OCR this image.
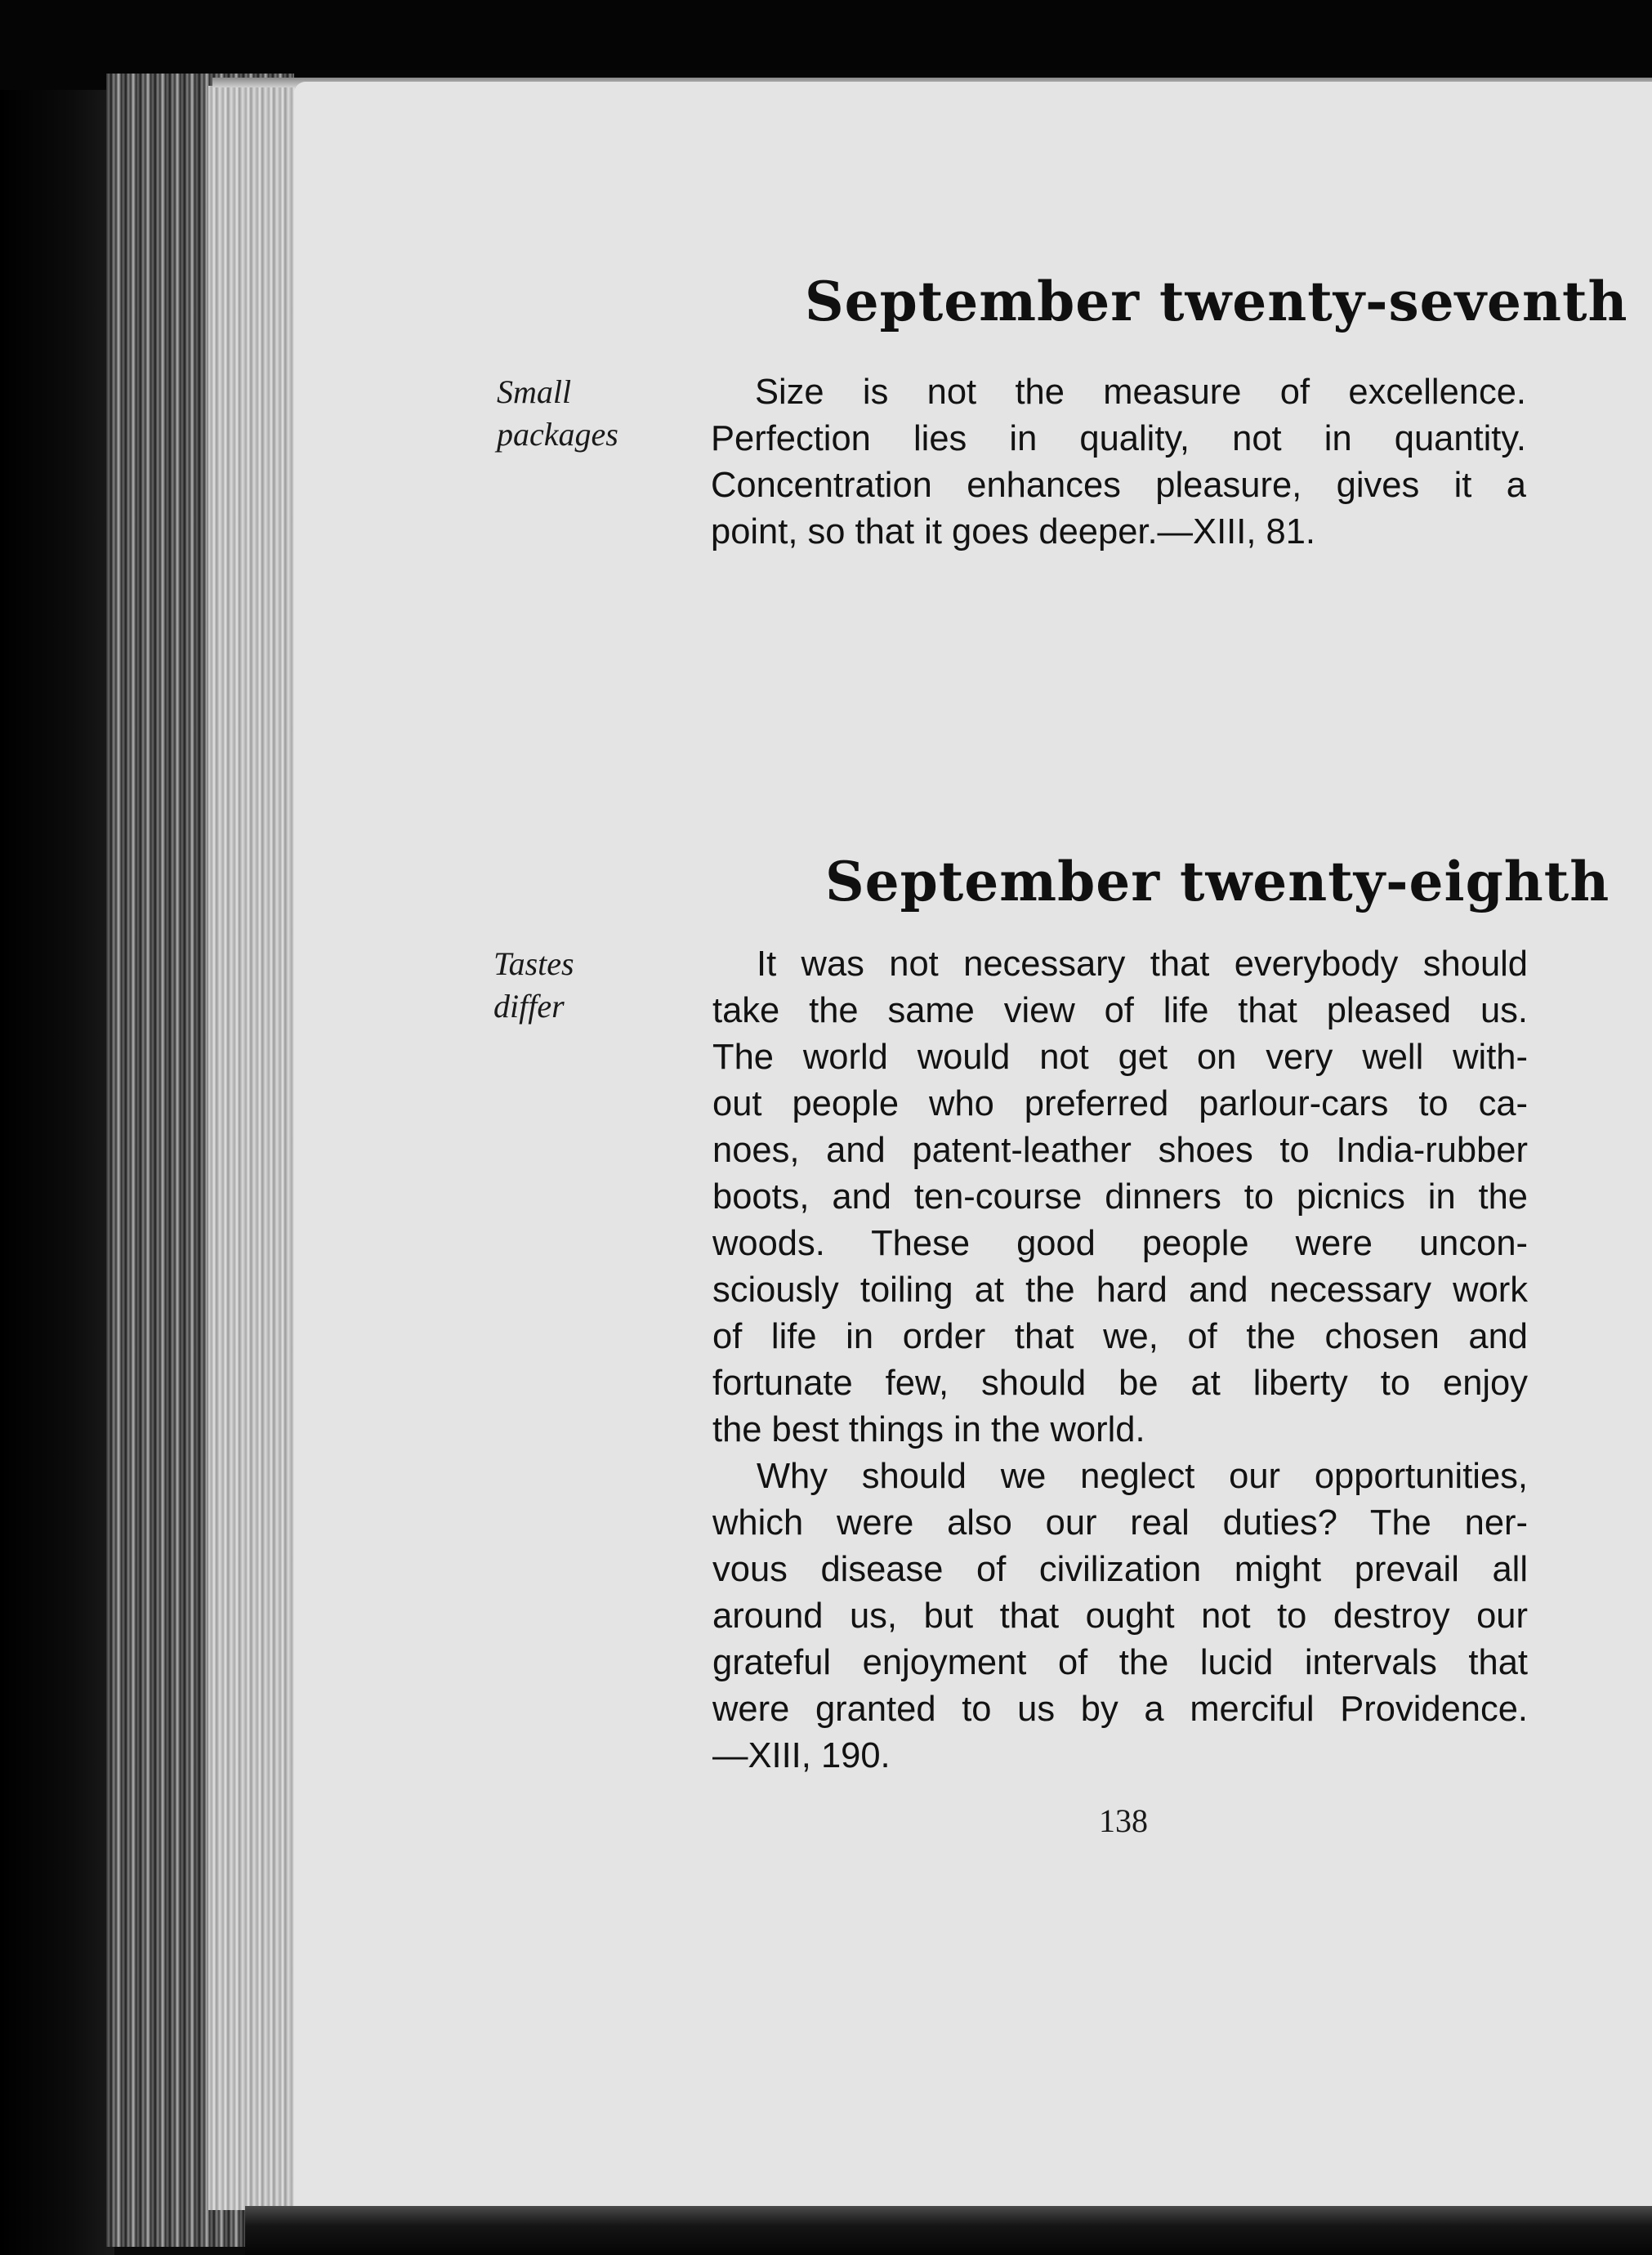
September twenty-seventh
Small
packages
Size is not the measure of excellence.
Perfection lies in quality, not in quantity.
Concentration enhances pleasure, gives it a
point, so that it goes deeper.—XIII, 81.
September twenty-eighth
Tastes
differ
It was not necessary that everybody should
take the same view of life that pleased us.
The world would not get on very well with-
out people who preferred parlour-cars to ca-
noes, and patent-leather shoes to India-rubber
boots, and ten-course dinners to picnics in the
woods. These good people were uncon-
sciously toiling at the hard and necessary work
of life in order that we, of the chosen and
fortunate few, should be at liberty to enjoy
the best things in the world.
Why should we neglect our opportunities,
which were also our real duties? The ner-
vous disease of civilization might prevail all
around us, but that ought not to destroy our
grateful enjoyment of the lucid intervals that
were granted to us by a merciful Providence.
—XIII, 190.
138
